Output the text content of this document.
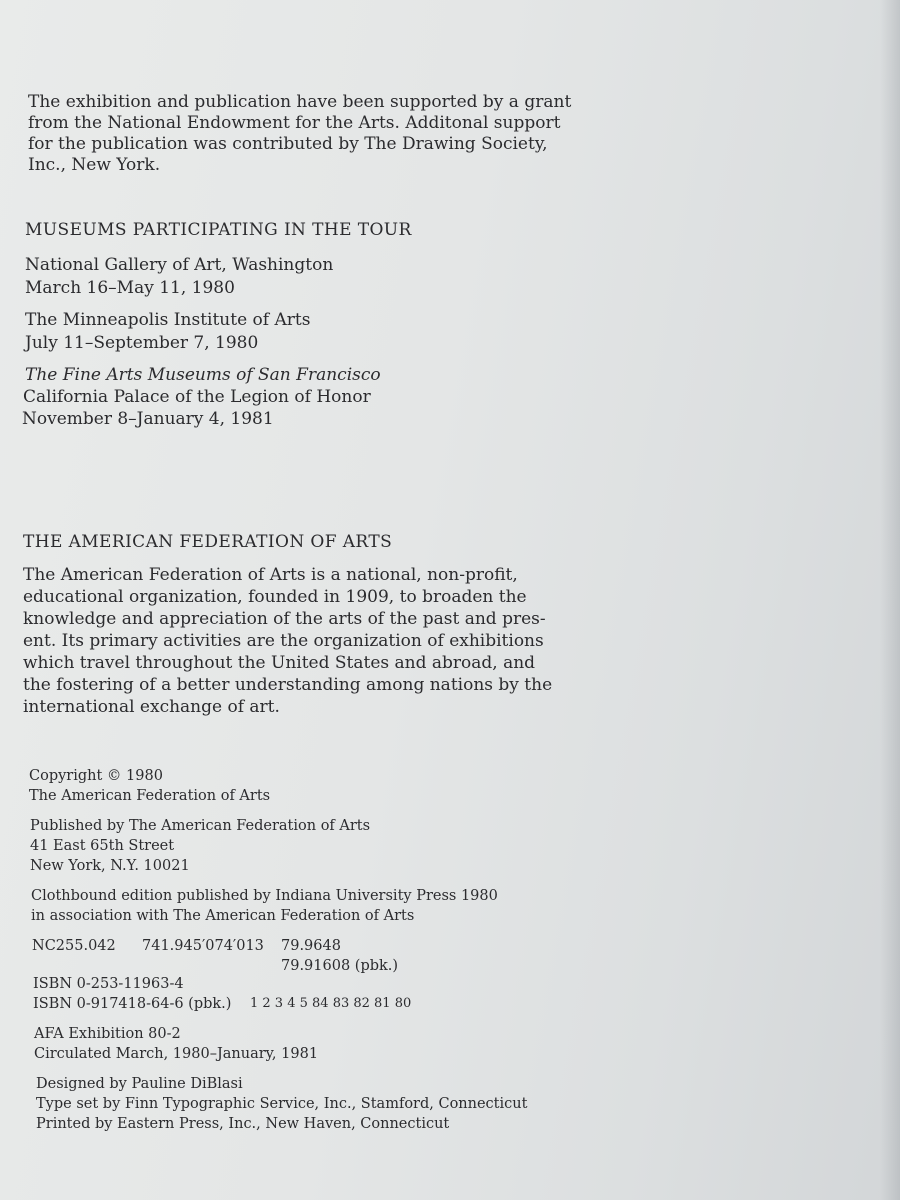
The exhibition and publication have been supported by a grant
from the National Endowment for the Arts. Additonal support
for the publication was contributed by The Drawing Society,
Inc., New York.
MUSEUMS PARTICIPATING IN THE TOUR
National Gallery of Art, Washington
March 16–May 11, 1980
The Minneapolis Institute of Arts
July 11–September 7, 1980
The Fine Arts Museums of San Francisco
California Palace of the Legion of Honor
November 8–January 4, 1981
THE AMERICAN FEDERATION OF ARTS
The American Federation of Arts is a national, non-profit,
educational organization, founded in 1909, to broaden the
knowledge and appreciation of the arts of the past and pres-
ent. Its primary activities are the organization of exhibitions
which travel throughout the United States and abroad, and
the fostering of a better understanding among nations by the
international exchange of art.
Copyright © 1980
The American Federation of Arts
Published by The American Federation of Arts
41 East 65th Street
New York, N.Y. 10021
Clothbound edition published by Indiana University Press 1980
in association with The American Federation of Arts
NC255.042 741.945′074′013 79.9648
79.91608 (pbk.)
ISBN 0-253-11963-4
ISBN 0-917418-64-6 (pbk.) 1 2 3 4 5 84 83 82 81 80
AFA Exhibition 80-2
Circulated March, 1980–January, 1981
Designed by Pauline DiBlasi
Type set by Finn Typographic Service, Inc., Stamford, Connecticut
Printed by Eastern Press, Inc., New Haven, Connecticut
